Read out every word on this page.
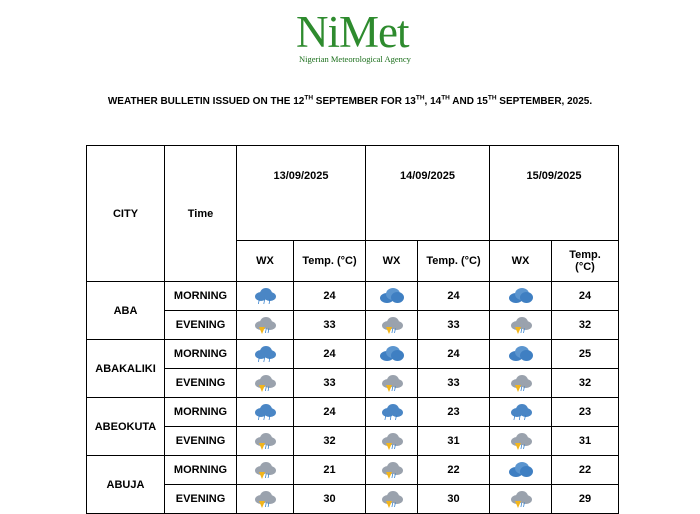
NiMet
Nigerian Meteorological Agency
WEATHER BULLETIN ISSUED ON THE 12TH SEPTEMBER FOR 13TH, 14TH AND 15TH SEPTEMBER, 2025.
CITY	Time	13/09/2025		14/09/2025		15/09/2025	
		WX	Temp. (°C)	WX	Temp. (°C)	WX	Temp.
(°C)
ABA	MORNING	/ / /	24		24		24
	EVENING	//	33	//	33	//	32
ABAKALIKI	MORNING	/ / /	24		24		25
	EVENING	//	33	//	33	//	32
ABEOKUTA	MORNING	/ / /	24	/ / /	23	/ / /	23
	EVENING	//	32	//	31	//	31
ABUJA	MORNING	//	21	//	22		22
	EVENING	//	30	//	30	//	29
